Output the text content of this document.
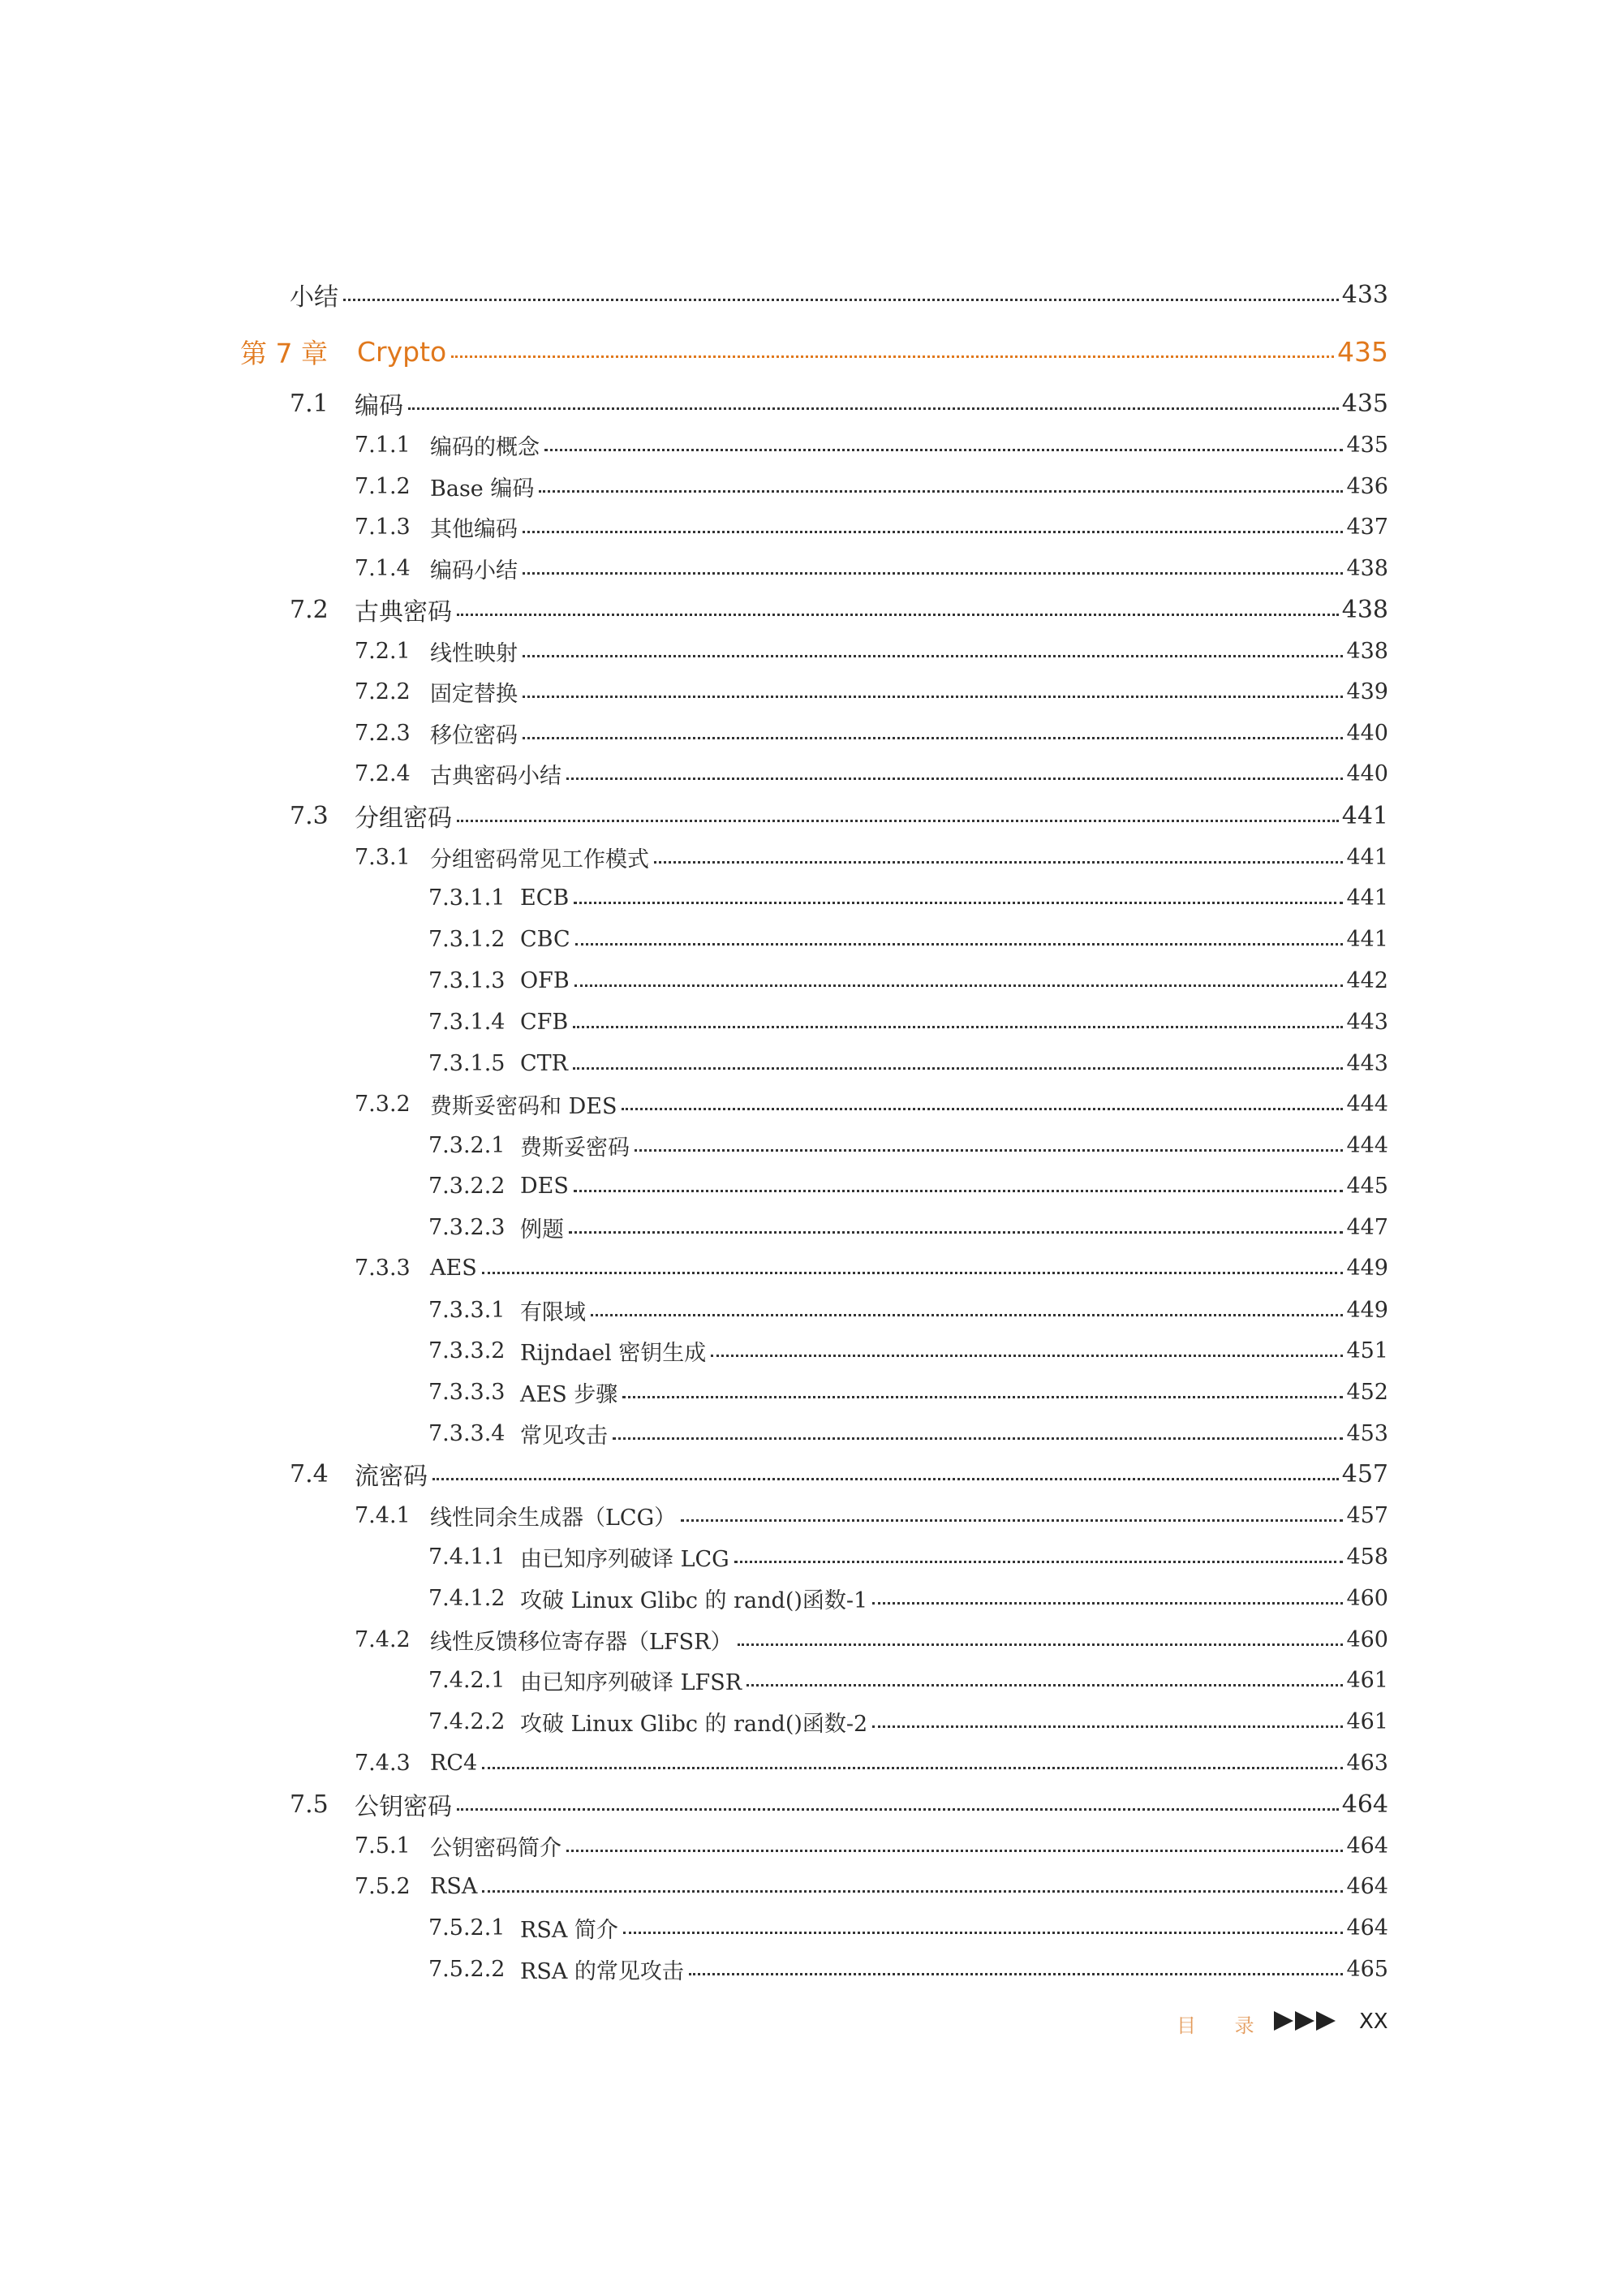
小结	433
第 7 章 Crypto	435
7.1 编码	435
7.1.1 编码的概念	435
7.1.2 Base 编码	436
7.1.3 其他编码	437
7.1.4 编码小结	438
7.2 古典密码	438
7.2.1 线性映射	438
7.2.2 固定替换	439
7.2.3 移位密码	440
7.2.4 古典密码小结	440
7.3 分组密码	441
7.3.1 分组密码常见工作模式	441
7.3.1.1 ECB	441
7.3.1.2 CBC	441
7.3.1.3 OFB	442
7.3.1.4 CFB	443
7.3.1.5 CTR	443
7.3.2 费斯妥密码和 DES	444
7.3.2.1 费斯妥密码	444
7.3.2.2 DES	445
7.3.2.3 例题	447
7.3.3 AES	449
7.3.3.1 有限域	449
7.3.3.2 Rijndael 密钥生成	451
7.3.3.3 AES 步骤	452
7.3.3.4 常见攻击	453
7.4 流密码	457
7.4.1 线性同余生成器（LCG）	457
7.4.1.1 由已知序列破译 LCG	458
7.4.1.2 攻破 Linux Glibc 的 rand()函数-1	460
7.4.2 线性反馈移位寄存器（LFSR）	460
7.4.2.1 由已知序列破译 LFSR	461
7.4.2.2 攻破 Linux Glibc 的 rand()函数-2	461
7.4.3 RC4	463
7.5 公钥密码	464
7.5.1 公钥密码简介	464
7.5.2 RSA	464
7.5.2.1 RSA 简介	464
7.5.2.2 RSA 的常见攻击	465
目 录	XX
